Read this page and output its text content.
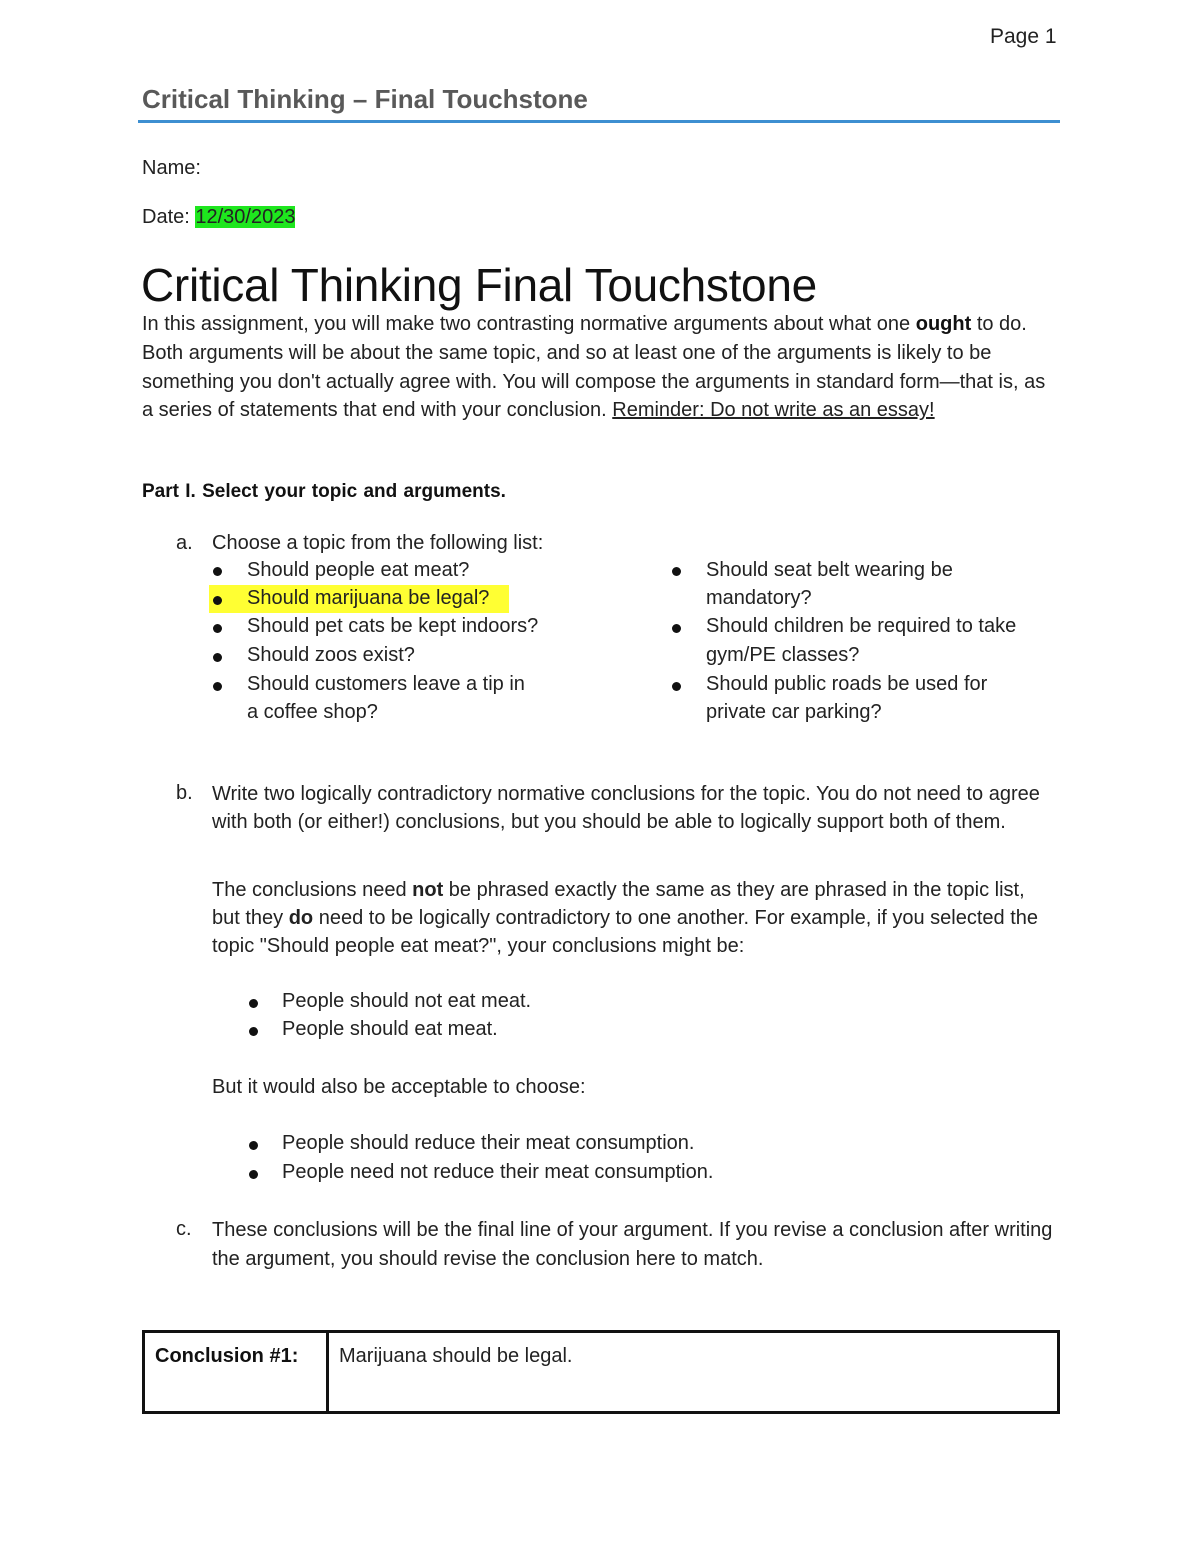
Page 1
Critical Thinking – Final Touchstone
Name:
Date: 12/30/2023
Critical Thinking Final Touchstone
In this assignment, you will make two contrasting normative arguments about what one ought to do. Both arguments will be about the same topic, and so at least one of the arguments is likely to be something you don't actually agree with. You will compose the arguments in standard form—that is, as a series of statements that end with your conclusion. Reminder: Do not write as an essay!
Part I. Select your topic and arguments.
a. Choose a topic from the following list:
Should people eat meat?
Should marijuana be legal?
Should pet cats be kept indoors?
Should zoos exist?
Should customers leave a tip in
a coffee shop?
Should seat belt wearing be
mandatory?
Should children be required to take
gym/PE classes?
Should public roads be used for
private car parking?
b. Write two logically contradictory normative conclusions for the topic. You do not need to agree with both (or either!) conclusions, but you should be able to logically support both of them.
The conclusions need not be phrased exactly the same as they are phrased in the topic list, but they do need to be logically contradictory to one another. For example, if you selected the topic "Should people eat meat?", your conclusions might be:
People should not eat meat.
People should eat meat.
But it would also be acceptable to choose:
People should reduce their meat consumption.
People need not reduce their meat consumption.
c. These conclusions will be the final line of your argument. If you revise a conclusion after writing the argument, you should revise the conclusion here to match.
Conclusion #1:	Marijuana should be legal.
